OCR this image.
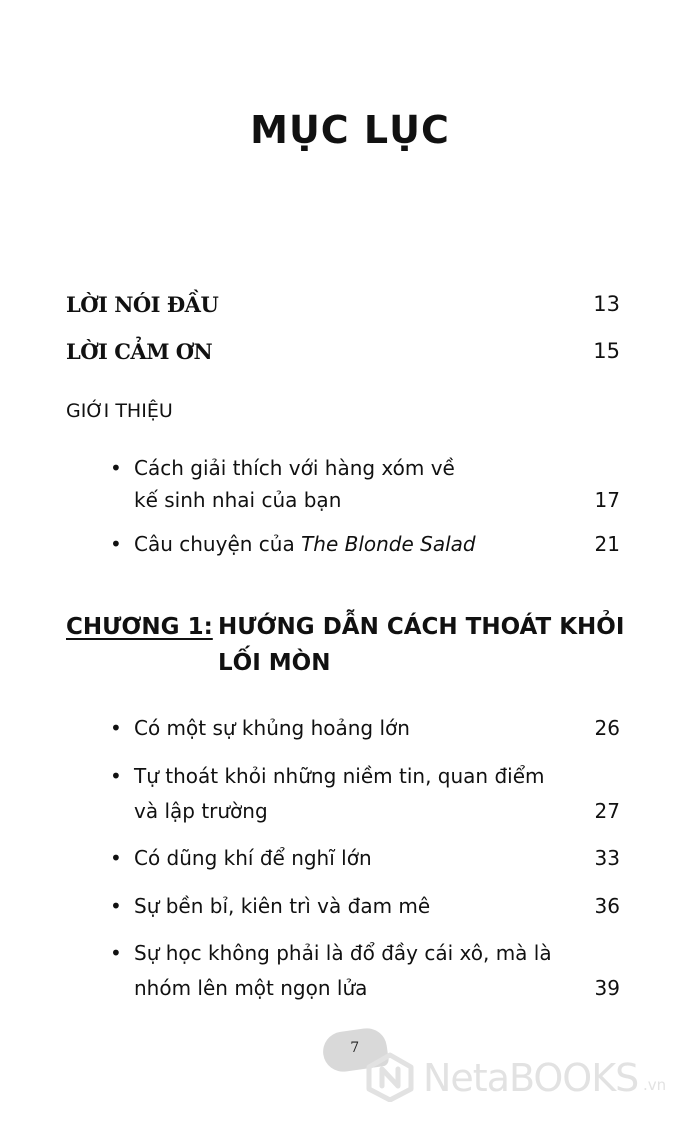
MỤC LỤC
LỜI NÓI ĐẦU	13
LỜI CẢM ƠN	15
GIỚI THIỆU
• Cách giải thích với hàng xóm về
kế sinh nhai của bạn	17
• Câu chuyện của The Blonde Salad	21
CHƯƠNG 1: HƯỚNG DẪN CÁCH THOÁT KHỎI
LỐI MÒN
• Có một sự khủng hoảng lớn	26
• Tự thoát khỏi những niềm tin, quan điểm
và lập trường	27
• Có dũng khí để nghĩ lớn	33
• Sự bền bỉ, kiên trì và đam mê	36
• Sự học không phải là đổ đầy cái xô, mà là
nhóm lên một ngọn lửa	39
7
NetaBOOKS .vn
